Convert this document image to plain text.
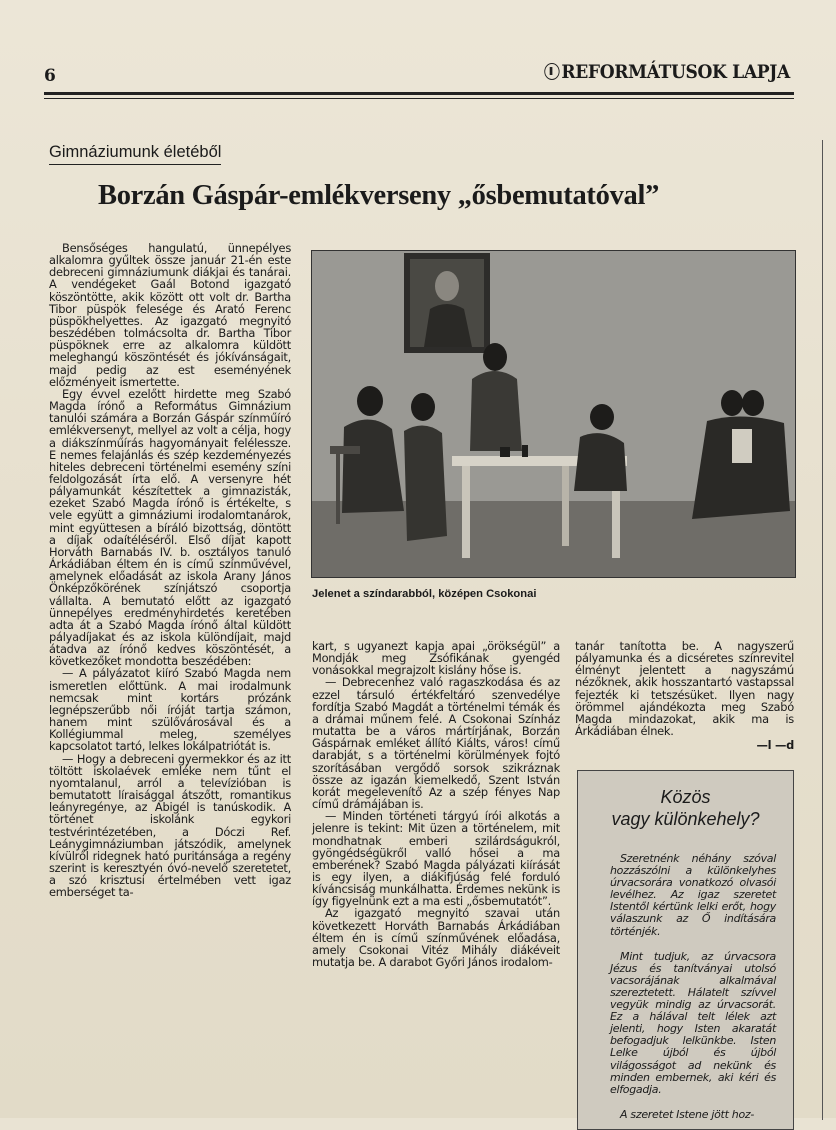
6	REFORMÁTUSOK LAPJA
Gimnáziumunk életéből
Borzán Gáspár-emlékverseny „ősbemutatóval”

Bensőséges hangulatú, ünnepélyes alkalomra gyűltek össze január 21-én este debreceni gimnáziumunk diákjai és tanárai. A vendégeket Gaál Botond igazgató köszöntötte, akik között ott volt dr. Bartha Tibor püspök felesége és Arató Ferenc püspökhelyettes. Az igazgató megnyitó beszédében tolmácsolta dr. Bartha Tibor püspöknek erre az alkalomra küldött meleghangú köszöntését és jókívánságait, majd pedig az est eseményének előzményeit ismertette.

Egy évvel ezelőtt hirdette meg Szabó Magda írónő a Református Gimnázium tanulói számára a Borzán Gáspár színműíró emlékversenyt, mellyel az volt a célja, hogy a diákszínműírás hagyományait felélessze. E nemes felajánlás és szép kezdeményezés hiteles debreceni történelmi esemény színi feldolgozását írta elő. A versenyre hét pályamunkát készítettek a gimnazisták, ezeket Szabó Magda írónő is értékelte, s vele együtt a gimnáziumi irodalomtanárok, mint együttesen a bíráló bizottság, döntött a díjak odaítéléséről. Első díjat kapott Horváth Barnabás IV. b. osztályos tanuló Árkádiában éltem én is című színművével, amelynek előadását az iskola Arany János Önképzőkörének színjátszó csoportja vállalta. A bemutató előtt az igazgató ünnepélyes eredményhirdetés keretében adta át a Szabó Magda írónő által küldött pályadíjakat és az iskola különdíjait, majd átadva az írónő kedves köszöntését, a következőket mondotta beszédében:

— A pályázatot kiíró Szabó Magda nem ismeretlen előttünk. A mai irodalmunk nemcsak mint kortárs prózánk legnépszerűbb női íróját tartja számon, hanem mint szülővárosával és a Kollégiummal meleg, személyes kapcsolatot tartó, lelkes lokálpatriótát is.

— Hogy a debreceni gyermekkor és az itt töltött iskolaévek emléke nem tűnt el nyomtalanul, arról a televízióban is bemutatott líraisággal átszőtt, romantikus leányregénye, az Abigél is tanúskodik. A történet iskolánk egykori testvérintézetében, a Dóczi Ref. Leánygimnáziumban játszódik, amelynek kívülről ridegnek ható puritánsága a regény szerint is keresztyén óvó-nevelő szeretetet, a szó krisztusi értelmében vett igaz emberséget ta-

Jelenet a színdarabból, középen Csokonai

kart, s ugyanezt kapja apai „örökségül” a Mondják meg Zsófikának gyengéd vonásokkal megrajzolt kislány hőse is.

— Debrecenhez való ragaszkodása és az ezzel társuló értékfeltáró szenvedélye fordítja Szabó Magdát a történelmi témák és a drámai műnem felé. A Csokonai Színház mutatta be a város mártírjának, Borzán Gáspárnak emléket állító Kiálts, város! című darabját, s a történelmi körülmények fojtó szorításában vergődő sorsok szikráznak össze az igazán kiemelkedő, Szent István korát megelevenítő Az a szép fényes Nap című drámájában is.

— Minden történeti tárgyú írói alkotás a jelenre is tekint: Mit üzen a történelem, mit mondhatnak emberi szilárdságukról, gyöngédségükről valló hősei a ma emberének? Szabó Magda pályázati kiírását is egy ilyen, a diákifjúság felé forduló kíváncsiság munkálhatta. Érdemes nekünk is így figyelnünk ezt a ma esti „ősbemutatót”.

Az igazgató megnyitó szavai után következett Horváth Barnabás Árkádiában éltem én is című színművének előadása, amely Csokonai Vitéz Mihály diákéveit mutatja be. A darabot Győri János irodalom-

tanár tanította be. A nagyszerű pályamunka és a dicséretes színrevitel élményt jelentett a nagyszámú nézőknek, akik hosszantartó vastapssal fejezték ki tetszésüket. Ilyen nagy örömmel ajándékozta meg Szabó Magda mindazokat, akik ma is Árkádiában élnek.

—l —d
Közös
vagy különkehely?

Szeretnénk néhány szóval hozzászólni a különkelyhes úrvacsorára vonatkozó olvasói levélhez. Az igaz szeretet Istentől kértünk lelki erőt, hogy válaszunk az Ő indítására történjék.

Mint tudjuk, az úrvacsora Jézus és tanítványai utolsó vacsorájának alkalmával szereztetett. Hálatelt szívvel vegyük mindig az úrvacsorát. Ez a hálával telt lélek azt jelenti, hogy Isten akaratát befogadjuk lelkünkbe. Isten Lelke újból és újból világosságot ad nekünk és minden embernek, aki kéri és elfogadja.

A szeretet Istene jött hoz-
